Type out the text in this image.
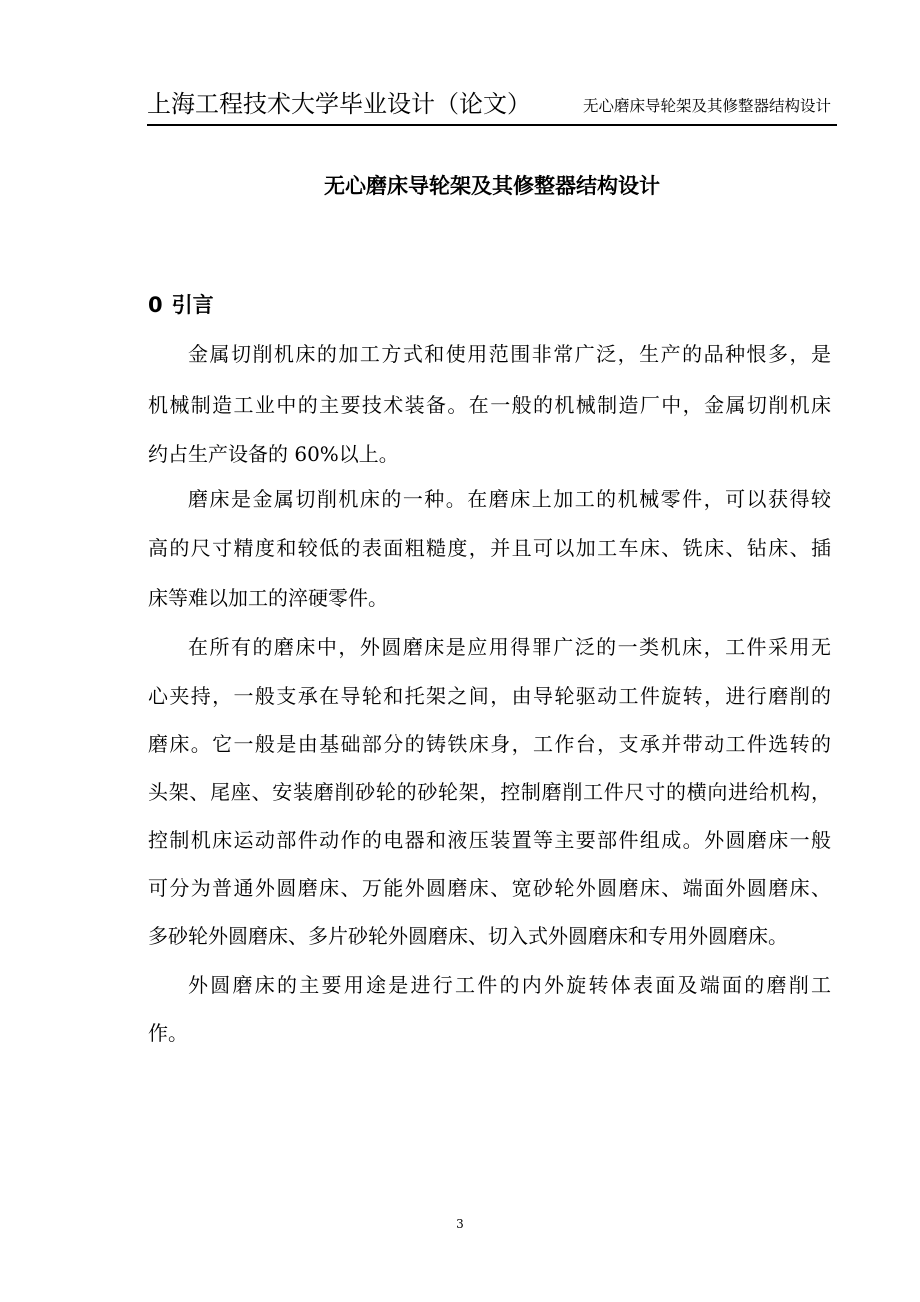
上海工程技术大学毕业设计（论文）	无心磨床导轮架及其修整器结构设计
无心磨床导轮架及其修整器结构设计
0 引言

金属切削机床的加工方式和使用范围非常广泛，生产的品种恨多，是

机械制造工业中的主要技术装备。在一般的机械制造厂中，金属切削机床

约占生产设备的 60%以上。

磨床是金属切削机床的一种。在磨床上加工的机械零件，可以获得较

高的尺寸精度和较低的表面粗糙度，并且可以加工车床、铣床、钻床、插

床等难以加工的淬硬零件。

在所有的磨床中，外圆磨床是应用得罪广泛的一类机床，工件采用无

心夹持，一般支承在导轮和托架之间，由导轮驱动工件旋转，进行磨削的

磨床。它一般是由基础部分的铸铁床身，工作台，支承并带动工件选转的

头架、尾座、安装磨削砂轮的砂轮架，控制磨削工件尺寸的横向进给机构，

控制机床运动部件动作的电器和液压装置等主要部件组成。外圆磨床一般

可分为普通外圆磨床、万能外圆磨床、宽砂轮外圆磨床、端面外圆磨床、

多砂轮外圆磨床、多片砂轮外圆磨床、切入式外圆磨床和专用外圆磨床。

外圆磨床的主要用途是进行工件的内外旋转体表面及端面的磨削工

作。

3
